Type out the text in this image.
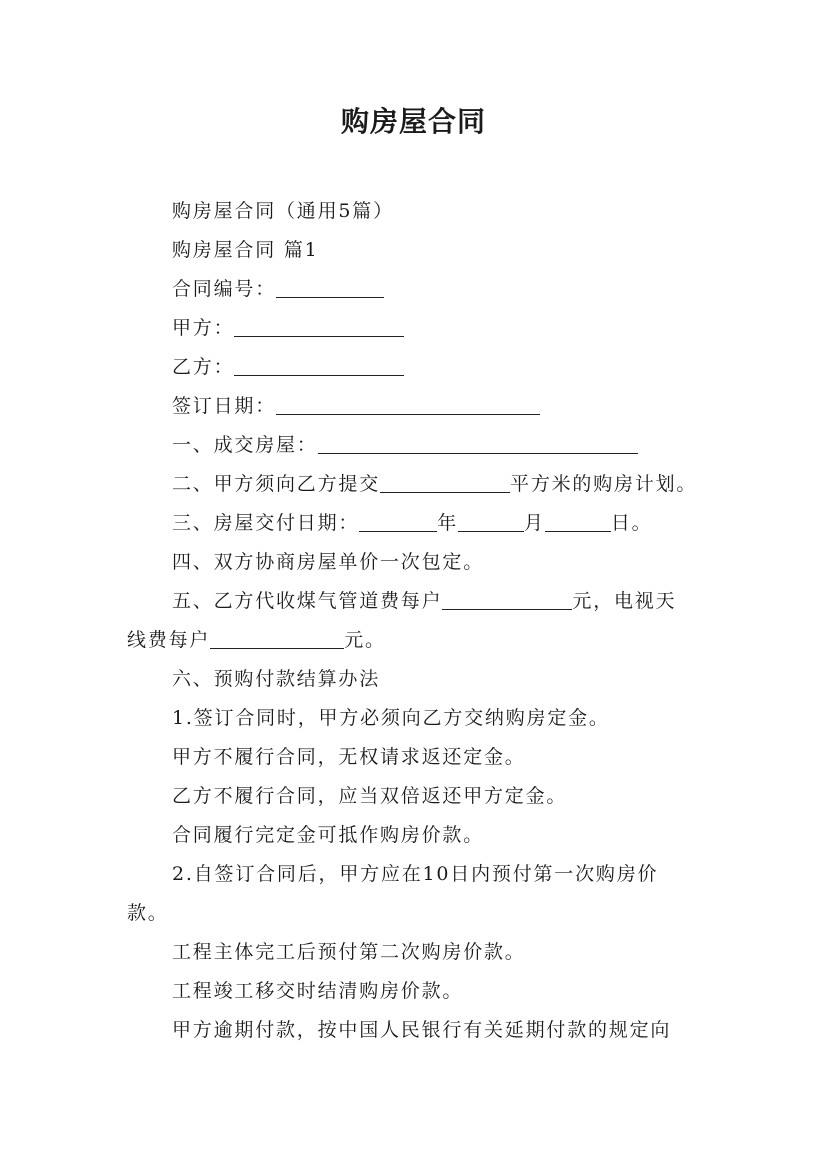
购房屋合同
购房屋合同（通用5篇）
购房屋合同 篇1
合同编号：
甲方：
乙方：
签订日期：
一、成交房屋：
二、甲方须向乙方提交	平方米的购房计划。
三、房屋交付日期：	年	月	日。
四、双方协商房屋单价一次包定。
五、乙方代收煤气管道费每户	元，电视天
线费每户	元。
六、预购付款结算办法
1.签订合同时，甲方必须向乙方交纳购房定金。
甲方不履行合同，无权请求返还定金。
乙方不履行合同，应当双倍返还甲方定金。
合同履行完定金可抵作购房价款。
2.自签订合同后，甲方应在10日内预付第一次购房价
款。
工程主体完工后预付第二次购房价款。
工程竣工移交时结清购房价款。
甲方逾期付款，按中国人民银行有关延期付款的规定向
